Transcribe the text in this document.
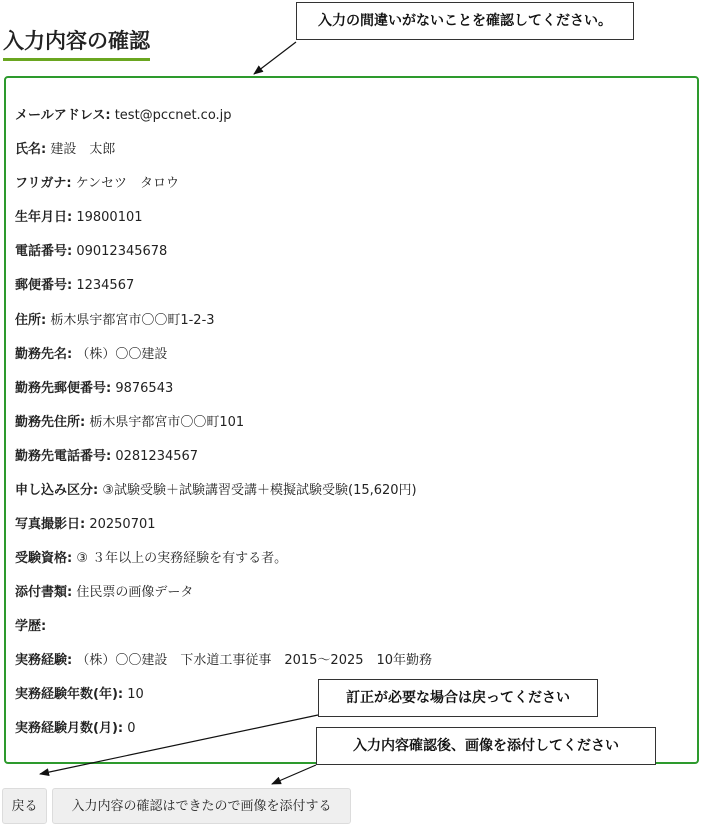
入力内容の確認
メールアドレス: test@pccnet.co.jp
氏名: 建設　太郎
フリガナ: ケンセツ　タロウ
生年月日: 19800101
電話番号: 09012345678
郵便番号: 1234567
住所: 栃木県宇都宮市〇〇町1-2-3
勤務先名: （株）〇〇建設
勤務先郵便番号: 9876543
勤務先住所: 栃木県宇都宮市〇〇町101
勤務先電話番号: 0281234567
申し込み区分: ③試験受験＋試験講習受講＋模擬試験受験(15,620円)
写真撮影日: 20250701
受験資格: ③ ３年以上の実務経験を有する者。
添付書類: 住民票の画像データ
学歴:
実務経験: （株）〇〇建設　下水道工事従事　2015～2025　10年勤務
実務経験年数(年): 10
実務経験月数(月): 0
戻る	入力内容の確認はできたので画像を添付する
入力の間違いがないことを確認してください。
訂正が必要な場合は戻ってください
入力内容確認後、画像を添付してください
